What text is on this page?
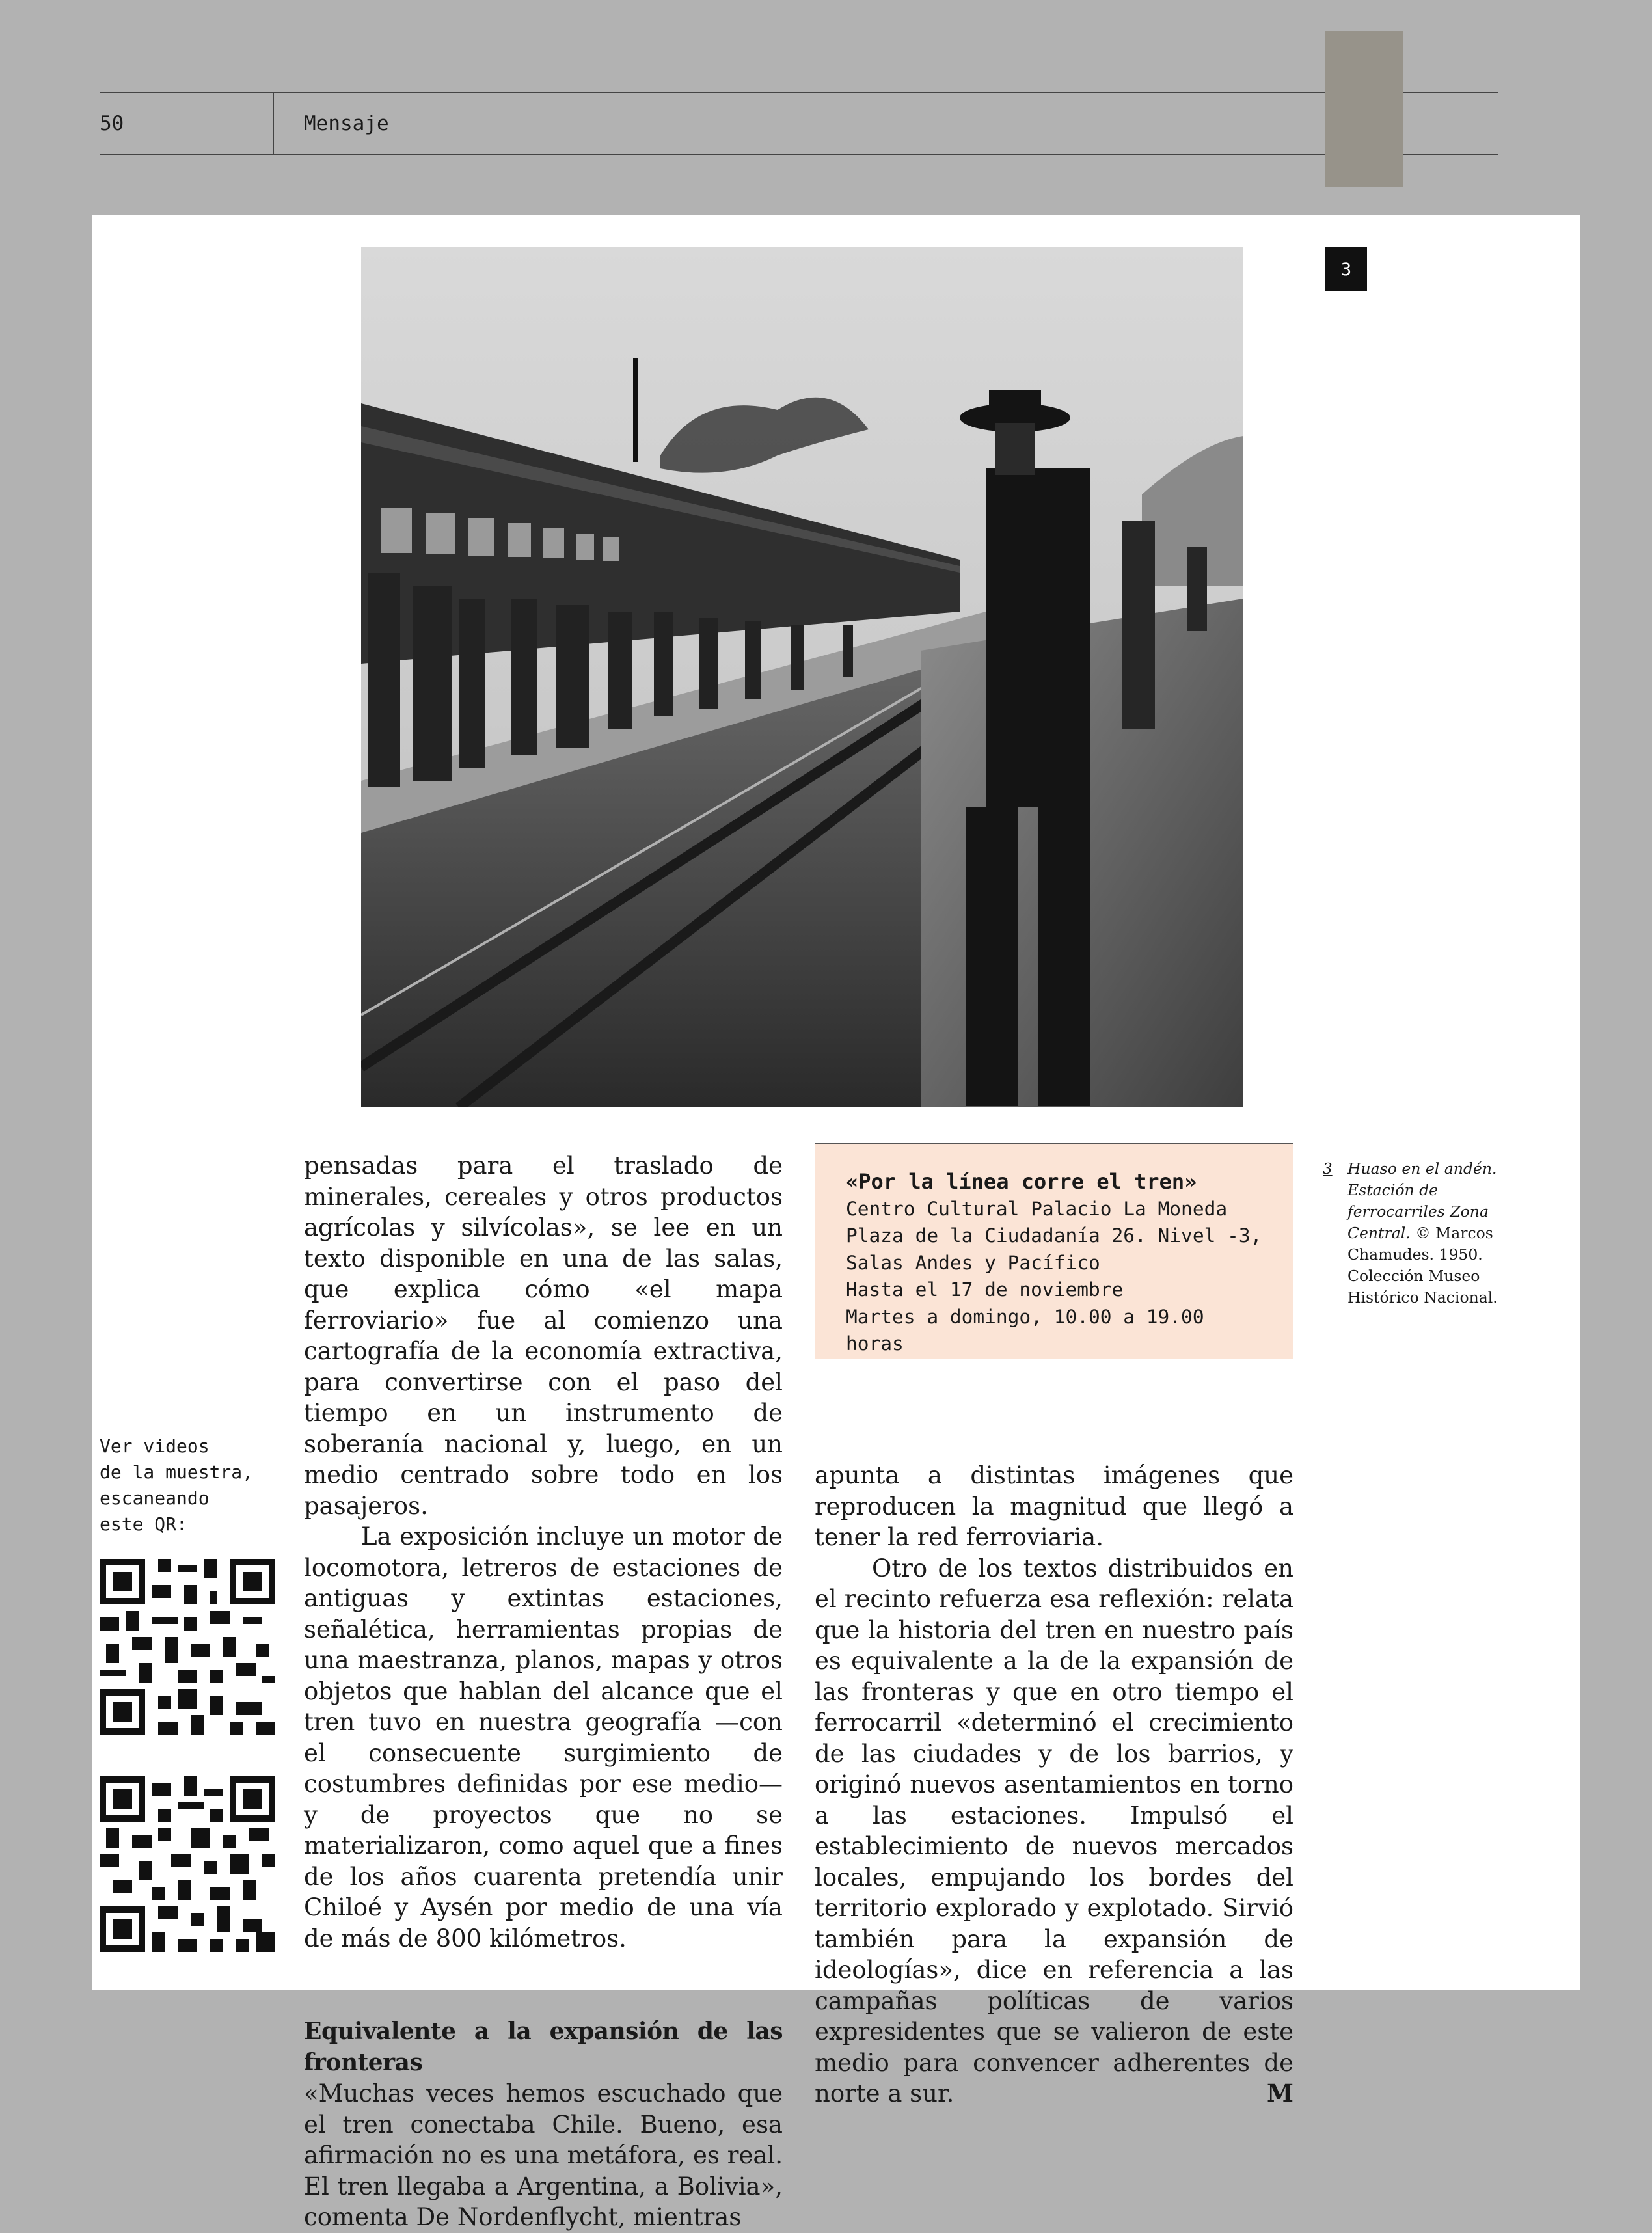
50	Mensaje
3

pensadas para el traslado de minerales, cereales y otros productos agrícolas y silvícolas», se lee en un texto disponible en una de las salas, que explica cómo «el mapa ferroviario» fue al comienzo una cartografía de la economía extractiva, para convertirse con el paso del tiempo en un instrumento de soberanía nacional y, luego, en un medio centrado sobre todo en los pasajeros.

La exposición incluye un motor de locomotora, letreros de estaciones de antiguas y extintas estaciones, señalética, herramientas propias de una maestranza, planos, mapas y otros objetos que hablan del alcance que el tren tuvo en nuestra geografía —con el consecuente surgimiento de costumbres definidas por ese medio— y de proyectos que no se materializaron, como aquel que a fines de los años cuarenta pretendía unir Chiloé y Aysén por medio de una vía de más de 800 kilómetros.

Equivalente a la expansión de las fronteras

«Muchas veces hemos escuchado que el tren conectaba Chile. Bueno, esa afirmación no es una metáfora, es real. El tren llegaba a Argentina, a Bolivia», comenta De Nordenflycht, mientras

«Por la línea corre el tren»
Centro Cultural Palacio La Moneda
Plaza de la Ciudadanía 26. Nivel -3,
Salas Andes y Pacífico
Hasta el 17 de noviembre
Martes a domingo, 10.00 a 19.00 horas

apunta a distintas imágenes que reproducen la magnitud que llegó a tener la red ferroviaria.

Otro de los textos distribuidos en el recinto refuerza esa reflexión: relata que la historia del tren en nuestro país es equivalente a la de la expansión de las fronteras y que en otro tiempo el ferrocarril «determinó el crecimiento de las ciudades y de los barrios, y originó nuevos asentamientos en torno a las estaciones. Impulsó el establecimiento de nuevos mercados locales, empujando los bordes del territorio explorado y explotado. Sirvió también para la expansión de ideologías», dice en referencia a las campañas políticas de varios expresidentes que se valieron de este medio para convencer adherentes de norte a sur.	M

3 Huaso en el andén. Estación de ferrocarriles Zona Central. © Marcos Chamudes. 1950. Colección Museo Histórico Nacional.
Ver videos
de la muestra,
escaneando
este QR:
